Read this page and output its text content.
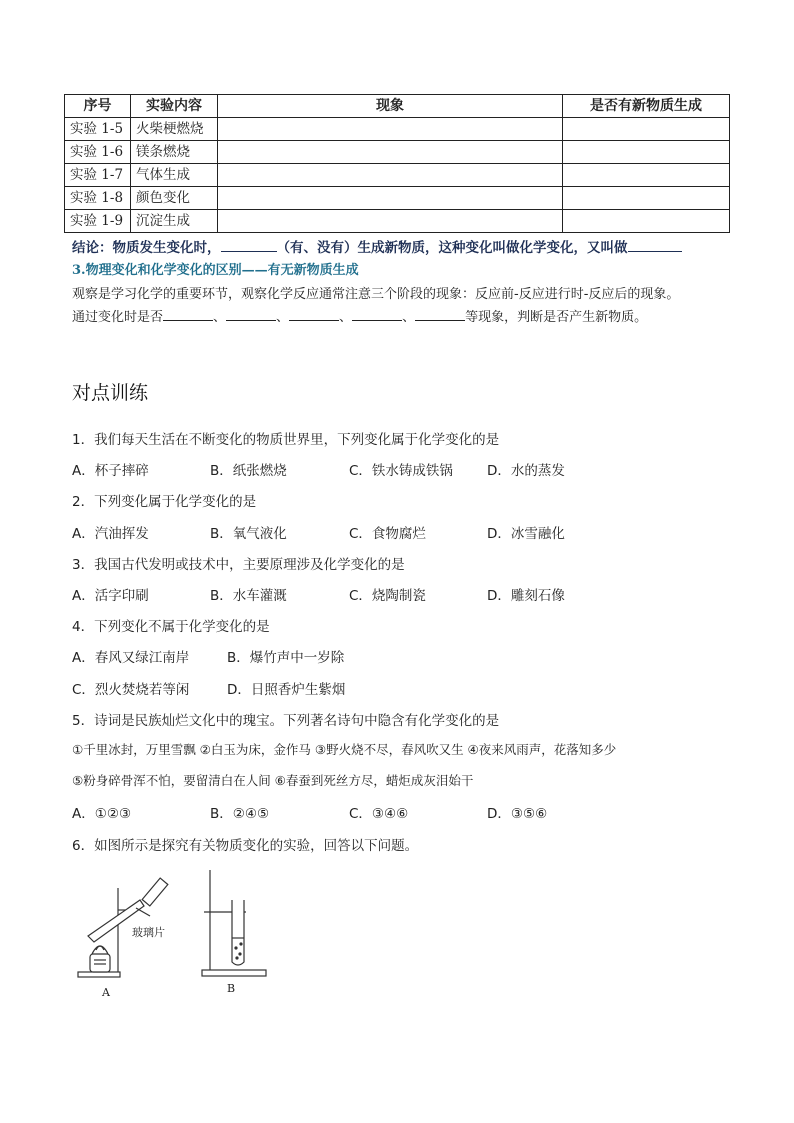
序号	实验内容	现象	是否有新物质生成
实验 1-5	火柴梗燃烧		
实验 1-6	镁条燃烧		
实验 1-7	气体生成		
实验 1-8	颜色变化		
实验 1-9	沉淀生成		
结论：物质发生变化时，	（有、没有）生成新物质，这种变化叫做化学变化，又叫做
3.物理变化和化学变化的区别——有无新物质生成
观察是学习化学的重要环节，观察化学反应通常注意三个阶段的现象：反应前-反应进行时-反应后的现象。
通过变化时是否	、	、	、	、	等现象，判断是否产生新物质。
对点训练
1．我们每天生活在不断变化的物质世界里，下列变化属于化学变化的是
A．杯子摔碎	B．纸张燃烧	C．铁水铸成铁锅	D．水的蒸发
2．下列变化属于化学变化的是
A．汽油挥发	B．氧气液化	C．食物腐烂	D．冰雪融化
3．我国古代发明或技术中，主要原理涉及化学变化的是
A．活字印刷	B．水车灌溉	C．烧陶制瓷	D．雕刻石像
4．下列变化不属于化学变化的是
A．春风又绿江南岸	B．爆竹声中一岁除
C．烈火焚烧若等闲	D．日照香炉生紫烟
5．诗词是民族灿烂文化中的瑰宝。下列著名诗句中隐含有化学变化的是
①千里冰封，万里雪飘 ②白玉为床，金作马 ③野火烧不尽，春风吹又生 ④夜来风雨声，花落知多少
⑤粉身碎骨浑不怕，要留清白在人间 ⑥春蚕到死丝方尽，蜡炬成灰泪始干
A．①②③	B．②④⑤	C．③④⑥	D．③⑤⑥
6．如图所示是探究有关物质变化的实验，回答以下问题。
玻璃片
A	B
